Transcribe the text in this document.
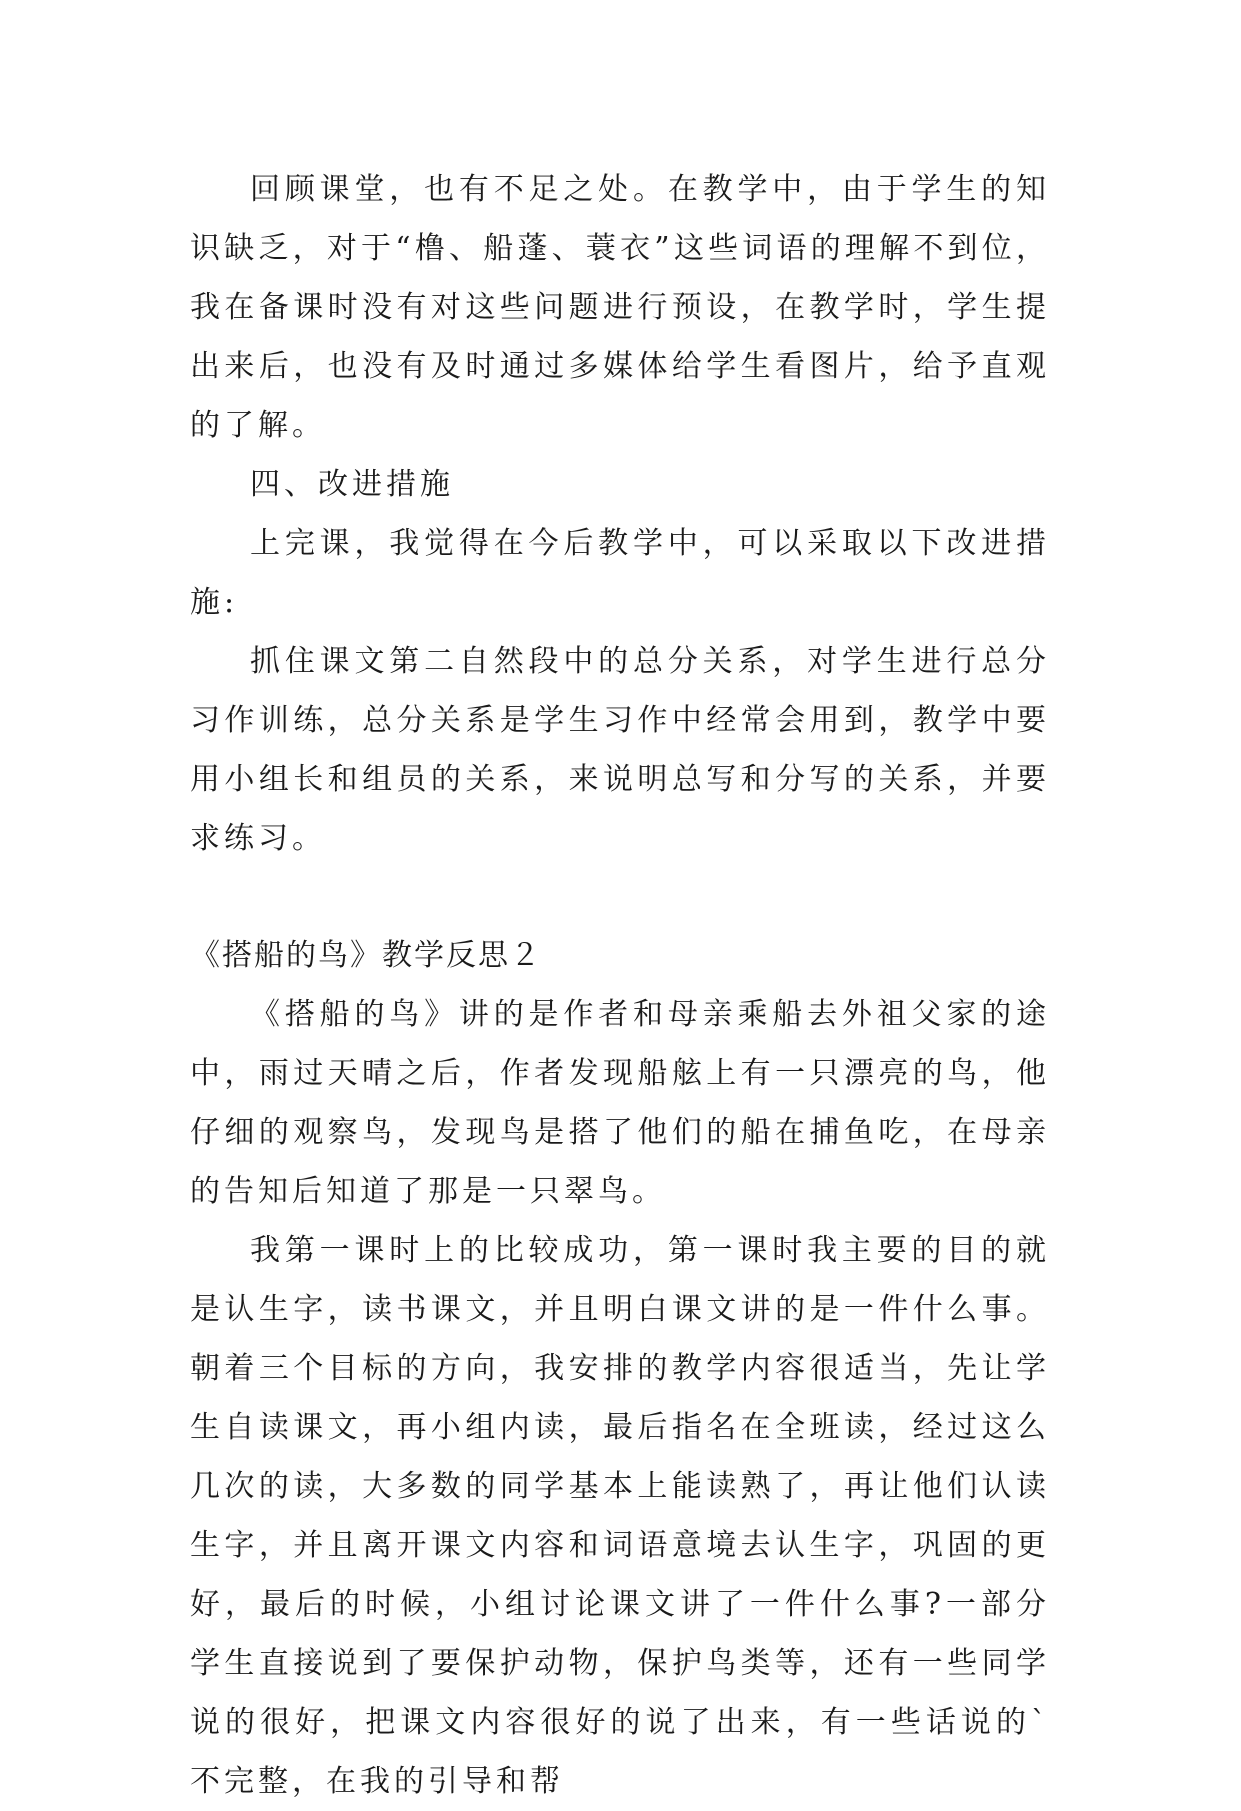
回顾课堂，也有不足之处。在教学中，由于学生的知识缺乏，对于“橹、船蓬、蓑衣”这些词语的理解不到位，我在备课时没有对这些问题进行预设，在教学时，学生提出来后，也没有及时通过多媒体给学生看图片，给予直观的了解。

四、改进措施

上完课，我觉得在今后教学中，可以采取以下改进措施:

抓住课文第二自然段中的总分关系，对学生进行总分习作训练，总分关系是学生习作中经常会用到，教学中要用小组长和组员的关系，来说明总写和分写的关系，并要求练习。

《搭船的鸟》教学反思２

《搭船的鸟》讲的是作者和母亲乘船去外祖父家的途中，雨过天晴之后，作者发现船舷上有一只漂亮的鸟，他仔细的观察鸟，发现鸟是搭了他们的船在捕鱼吃，在母亲的告知后知道了那是一只翠鸟。

我第一课时上的比较成功，第一课时我主要的目的就是认生字，读书课文，并且明白课文讲的是一件什么事。朝着三个目标的方向，我安排的教学内容很适当，先让学生自读课文，再小组内读，最后指名在全班读，经过这么几次的读，大多数的同学基本上能读熟了，再让他们认读生字，并且离开课文内容和词语意境去认生字，巩固的更好，最后的时候，小组讨论课文讲了一件什么事?一部分学生直接说到了要保护动物，保护鸟类等，还有一些同学说的很好，把课文内容很好的说了出来，有一些话说的`不完整，在我的引导和帮
